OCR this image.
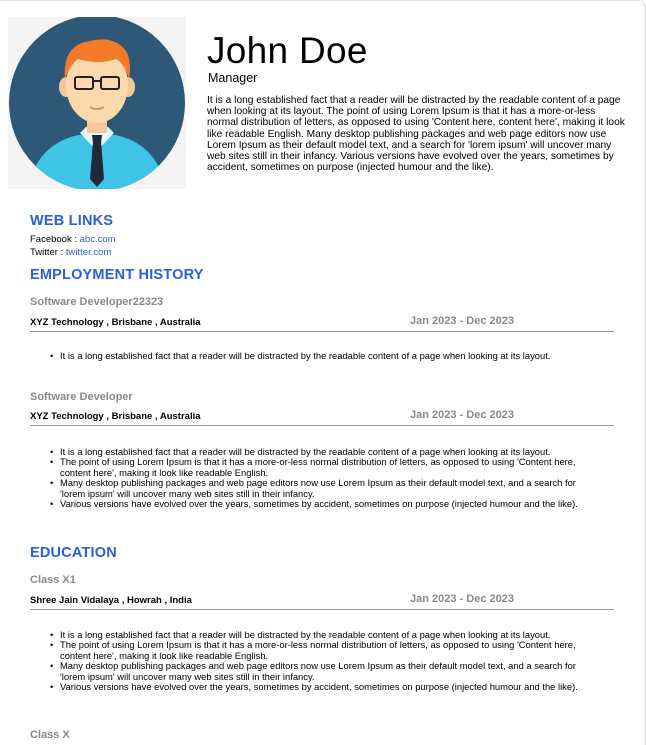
John Doe
Manager
It is a long established fact that a reader will be distracted by the readable content of a page when looking at its layout. The point of using Lorem Ipsum is that it has a more-or-less normal distribution of letters, as opposed to using 'Content here, content here', making it look like readable English. Many desktop publishing packages and web page editors now use Lorem Ipsum as their default model text, and a search for 'lorem ipsum' will uncover many web sites still in their infancy. Various versions have evolved over the years, sometimes by accident, sometimes on purpose (injected humour and the like).
WEB LINKS
Facebook : abc.com
Twitter : twitter.com
EMPLOYMENT HISTORY
Software Developer22323
XYZ Technology , Brisbane , Australia	Jan 2023 - Dec 2023
• It is a long established fact that a reader will be distracted by the readable content of a page when looking at its layout.
Software Developer
XYZ Technology , Brisbane , Australia	Jan 2023 - Dec 2023
• It is a long established fact that a reader will be distracted by the readable content of a page when looking at its layout.
• The point of using Lorem Ipsum is that it has a more-or-less normal distribution of letters, as opposed to using 'Content here, content here', making it look like readable English.
• Many desktop publishing packages and web page editors now use Lorem Ipsum as their default model text, and a search for 'lorem ipsum' will uncover many web sites still in their infancy.
• Various versions have evolved over the years, sometimes by accident, sometimes on purpose (injected humour and the like).
EDUCATION
Class X1
Shree Jain Vidalaya , Howrah , India	Jan 2023 - Dec 2023
• It is a long established fact that a reader will be distracted by the readable content of a page when looking at its layout.
• The point of using Lorem Ipsum is that it has a more-or-less normal distribution of letters, as opposed to using 'Content here, content here', making it look like readable English.
• Many desktop publishing packages and web page editors now use Lorem Ipsum as their default model text, and a search for 'lorem ipsum' will uncover many web sites still in their infancy.
• Various versions have evolved over the years, sometimes by accident, sometimes on purpose (injected humour and the like).
Class X
